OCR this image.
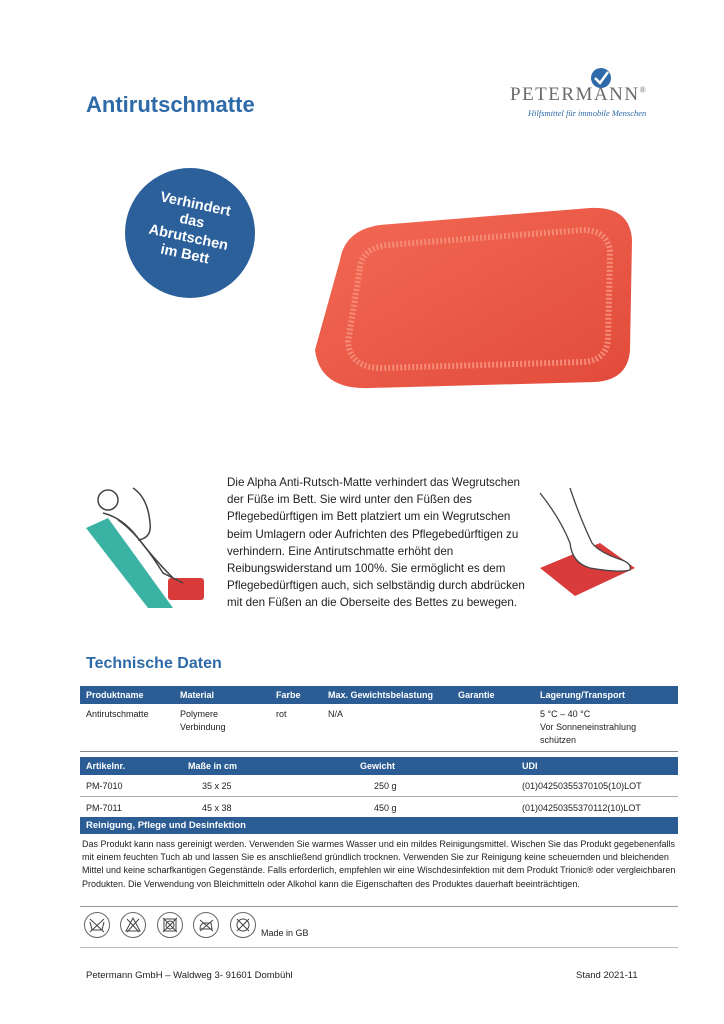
Antirutschmatte	PETERMANN®
Hilfsmittel für immobile Menschen
Verhindert
das
Abrutschen
im Bett
Die Alpha Anti-Rutsch-Matte verhindert das Wegrutschen der Füße im Bett. Sie wird unter den Füßen des Pflegebedürftigen im Bett platziert um ein Wegrutschen beim Umlagern oder Aufrichten des Pflegebedürftigen zu verhindern. Eine Antirutschmatte erhöht den Reibungswiderstand um 100%. Sie ermöglicht es dem Pflegebedürftigen auch, sich selbständig durch abdrücken mit den Füßen an die Oberseite des Bettes zu bewegen.
Technische Daten
Produktname	Material	Farbe	Max. Gewichtsbelastung	Garantie	Lagerung/Transport
Antirutschmatte	Polymere Verbindung	rot	N/A		5 °C – 40 °C
Vor Sonneneinstrahlung schützen
Artikelnr.	Maße in cm	Gewicht	UDI
PM-7010	35 x 25	250 g	(01)04250355370105(10)LOT
PM-7011	45 x 38	450 g	(01)04250355370112(10)LOT
Reinigung, Pflege und Desinfektion
Das Produkt kann nass gereinigt werden. Verwenden Sie warmes Wasser und ein mildes Reinigungsmittel. Wischen Sie das Produkt gegebenenfalls mit einem feuchten Tuch ab und lassen Sie es anschließend gründlich trocknen. Verwenden Sie zur Reinigung keine scheuernden und bleichenden Mittel und keine scharfkantigen Gegenstände. Falls erforderlich, empfehlen wir eine Wischdesinfektion mit dem Produkt Trionic® oder vergleichbaren Produkten. Die Verwendung von Bleichmitteln oder Alkohol kann die Eigenschaften des Produktes dauerhaft beeinträchtigen.

Made in GB
Petermann GmbH – Waldweg 3- 91601 Dombühl	Stand 2021-11
